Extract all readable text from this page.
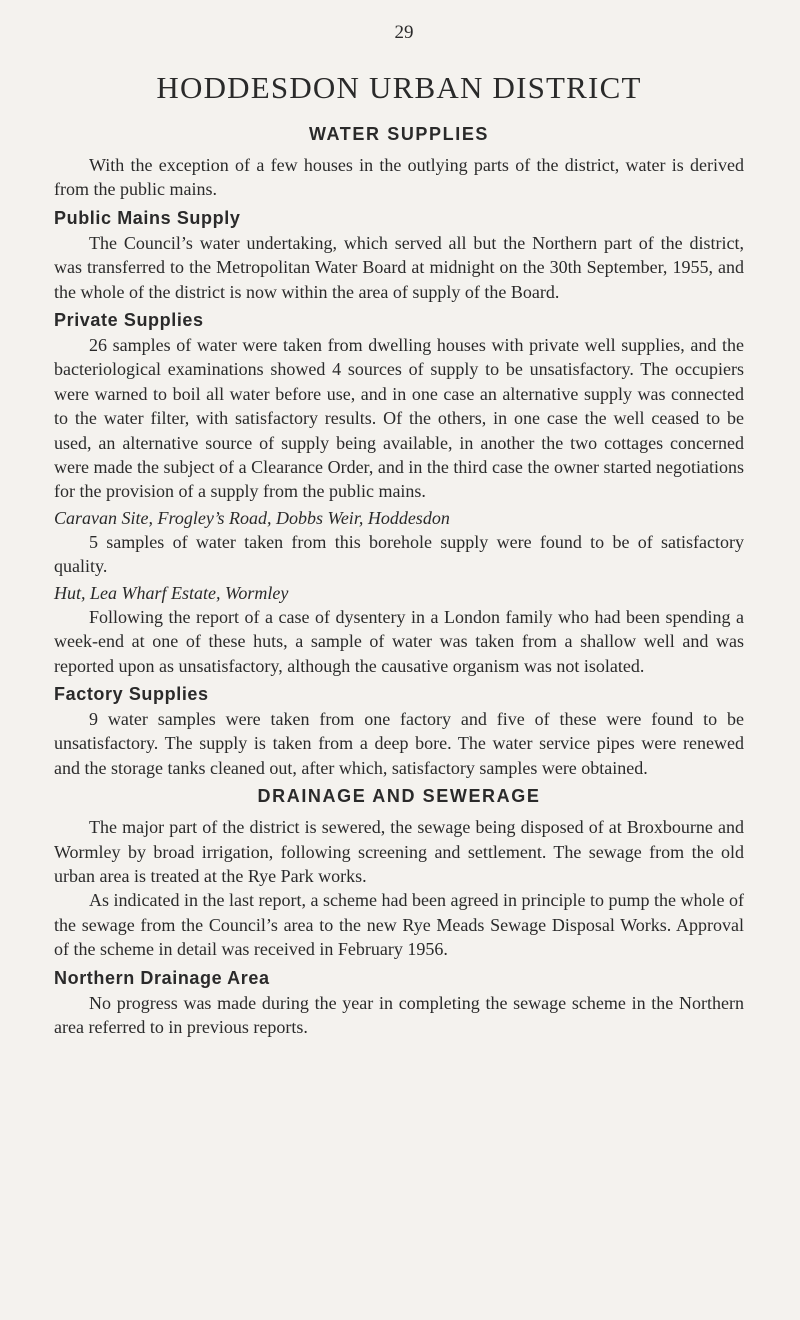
29
HODDESDON URBAN DISTRICT
WATER SUPPLIES

With the exception of a few houses in the outlying parts of the district, water is derived from the public mains.

Public Mains Supply

The Council’s water undertaking, which served all but the Northern part of the district, was transferred to the Metropolitan Water Board at midnight on the 30th September, 1955, and the whole of the district is now within the area of supply of the Board.

Private Supplies

26 samples of water were taken from dwelling houses with private well supplies, and the bacteriological examinations showed 4 sources of supply to be unsatisfactory. The occupiers were warned to boil all water before use, and in one case an alternative supply was connected to the water filter, with satisfactory results. Of the others, in one case the well ceased to be used, an alternative source of supply being available, in another the two cottages concerned were made the subject of a Clearance Order, and in the third case the owner started negotiations for the provision of a supply from the public mains.

Caravan Site, Frogley’s Road, Dobbs Weir, Hoddesdon

5 samples of water taken from this borehole supply were found to be of satisfactory quality.

Hut, Lea Wharf Estate, Wormley

Following the report of a case of dysentery in a London family who had been spending a week-end at one of these huts, a sample of water was taken from a shallow well and was reported upon as unsatisfactory, although the causative organism was not isolated.

Factory Supplies

9 water samples were taken from one factory and five of these were found to be unsatisfactory. The supply is taken from a deep bore. The water service pipes were renewed and the storage tanks cleaned out, after which, satisfactory samples were obtained.

DRAINAGE AND SEWERAGE

The major part of the district is sewered, the sewage being disposed of at Broxbourne and Wormley by broad irrigation, following screening and settlement. The sewage from the old urban area is treated at the Rye Park works.

As indicated in the last report, a scheme had been agreed in principle to pump the whole of the sewage from the Council’s area to the new Rye Meads Sewage Disposal Works. Approval of the scheme in detail was received in February 1956.

Northern Drainage Area

No progress was made during the year in completing the sewage scheme in the Northern area referred to in previous reports.
